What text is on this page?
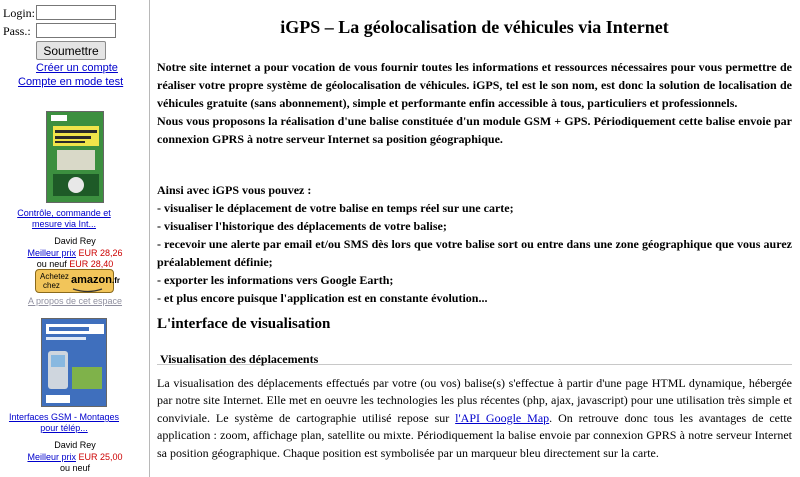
Login:
Pass.:
Soumettre
Créer un compte
Compte en mode test
Contrôle, commande et mesure via Int...
David Rey
Meilleur prix EUR 28,26
ou neuf EUR 28,40
Achetez
chez	amazon.fr
A propos de cet espace
Interfaces GSM - Montages pour télép...
David Rey
Meilleur prix EUR 25,00
ou neuf
iGPS – La géolocalisation de véhicules via Internet
Notre site internet a pour vocation de vous fournir toutes les informations et ressources nécessaires pour vous permettre de réaliser votre propre système de géolocalisation de véhicules. iGPS, tel est le son nom, est donc la solution de localisation de véhicules gratuite (sans abonnement), simple et performante enfin accessible à tous, particuliers et professionnels.
Nous vous proposons la réalisation d'une balise constituée d'un module GSM + GPS. Périodiquement cette balise envoie par connexion GPRS à notre serveur Internet sa position géographique.
Ainsi avec iGPS vous pouvez :
- visualiser le déplacement de votre balise en temps réel sur une carte;
- visualiser l'historique des déplacements de votre balise;
- recevoir une alerte par email et/ou SMS dès lors que votre balise sort ou entre dans une zone géographique que vous aurez préalablement définie;
- exporter les informations vers Google Earth;
- et plus encore puisque l'application est en constante évolution...
L'interface de visualisation
Visualisation des déplacements

La visualisation des déplacements effectués par votre (ou vos) balise(s) s'effectue à partir d'une page HTML dynamique, hébergée par notre site Internet. Elle met en oeuvre les technologies les plus récentes (php, ajax, javascript) pour une utilisation très simple et conviviale. Le système de cartographie utilisé repose sur l'API Google Map. On retrouve donc tous les avantages de cette application : zoom, affichage plan, satellite ou mixte. Périodiquement la balise envoie par connexion GPRS à notre serveur Internet sa position géographique. Chaque position est symbolisée par un marqueur bleu directement sur la carte.
